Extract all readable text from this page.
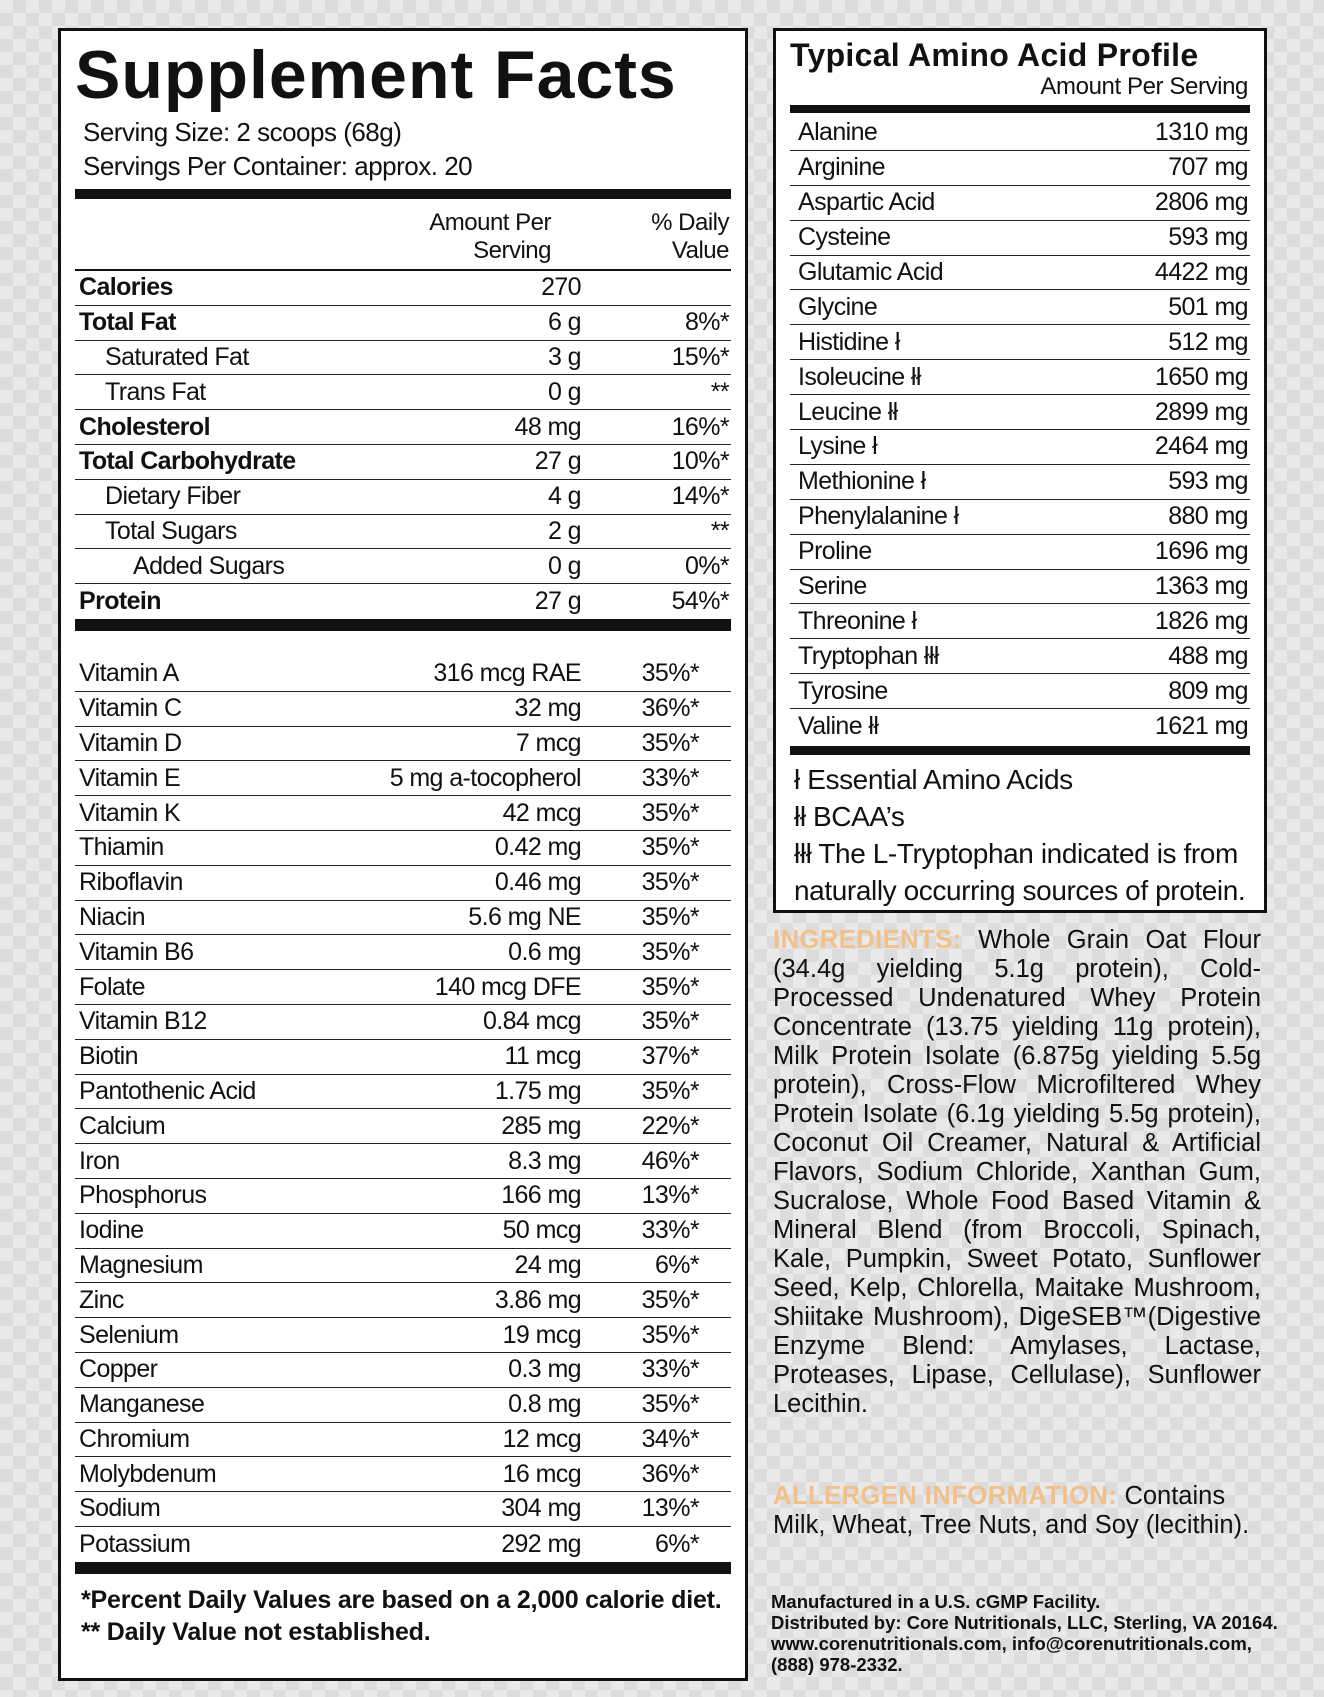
Supplement Facts
Serving Size: 2 scoops (68g)
Servings Per Container: approx. 20
Amount Per
Serving
% Daily
Value
Calories	270
Total Fat	6 g	8%*
Saturated Fat	3 g	15%*
Trans Fat	0 g	**
Cholesterol	48 mg	16%*
Total Carbohydrate	27 g	10%*
Dietary Fiber	4 g	14%*
Total Sugars	2 g	**
Added Sugars	0 g	0%*
Protein	27 g	54%*
Vitamin A	316 mcg RAE	35%*
Vitamin C	32 mg	36%*
Vitamin D	7 mcg	35%*
Vitamin E	5 mg a-tocopherol	33%*
Vitamin K	42 mcg	35%*
Thiamin	0.42 mg	35%*
Riboflavin	0.46 mg	35%*
Niacin	5.6 mg NE	35%*
Vitamin B6	0.6 mg	35%*
Folate	140 mcg DFE	35%*
Vitamin B12	0.84 mcg	35%*
Biotin	11 mcg	37%*
Pantothenic Acid	1.75 mg	35%*
Calcium	285 mg	22%*
Iron	8.3 mg	46%*
Phosphorus	166 mg	13%*
Iodine	50 mcg	33%*
Magnesium	24 mg	6%*
Zinc	3.86 mg	35%*
Selenium	19 mcg	35%*
Copper	0.3 mg	33%*
Manganese	0.8 mg	35%*
Chromium	12 mcg	34%*
Molybdenum	16 mcg	36%*
Sodium	304 mg	13%*
Potassium	292 mg	6%*
*Percent Daily Values are based on a 2,000 calorie diet.
** Daily Value not established.
Typical Amino Acid Profile
Amount Per Serving
Alanine	1310 mg
Arginine	707 mg
Aspartic Acid	2806 mg
Cysteine	593 mg
Glutamic Acid	4422 mg
Glycine	501 mg
Histidine ł	512 mg
Isoleucine łł	1650 mg
Leucine łł	2899 mg
Lysine ł	2464 mg
Methionine ł	593 mg
Phenylalanine ł	880 mg
Proline	1696 mg
Serine	1363 mg
Threonine ł	1826 mg
Tryptophan łłł	488 mg
Tyrosine	809 mg
Valine łł	1621 mg
ł Essential Amino Acids
łł BCAA’s
łłł The L-Tryptophan indicated is from naturally occurring sources of protein.
INGREDIENTS: Whole Grain Oat Flour (34.4g yielding 5.1g protein), Cold-Processed Undenatured Whey Protein Concentrate (13.75 yielding 11g protein), Milk Protein Isolate (6.875g yielding 5.5g protein), Cross-Flow Microfiltered Whey Protein Isolate (6.1g yielding 5.5g protein), Coconut Oil Creamer, Natural & Artificial Flavors, Sodium Chloride, Xanthan Gum, Sucralose, Whole Food Based Vitamin & Mineral Blend (from Broccoli, Spinach, Kale, Pumpkin, Sweet Potato, Sunflower Seed, Kelp, Chlorella, Maitake Mushroom, Shiitake Mushroom), DigeSEB™(Digestive Enzyme Blend: Amylases, Lactase, Proteases, Lipase, Cellulase), Sunflower Lecithin.
ALLERGEN INFORMATION: Contains Milk, Wheat, Tree Nuts, and Soy (lecithin).
Manufactured in a U.S. cGMP Facility.
Distributed by: Core Nutritionals, LLC, Sterling, VA 20164.
www.corenutritionals.com, info@corenutritionals.com,
(888) 978-2332.
